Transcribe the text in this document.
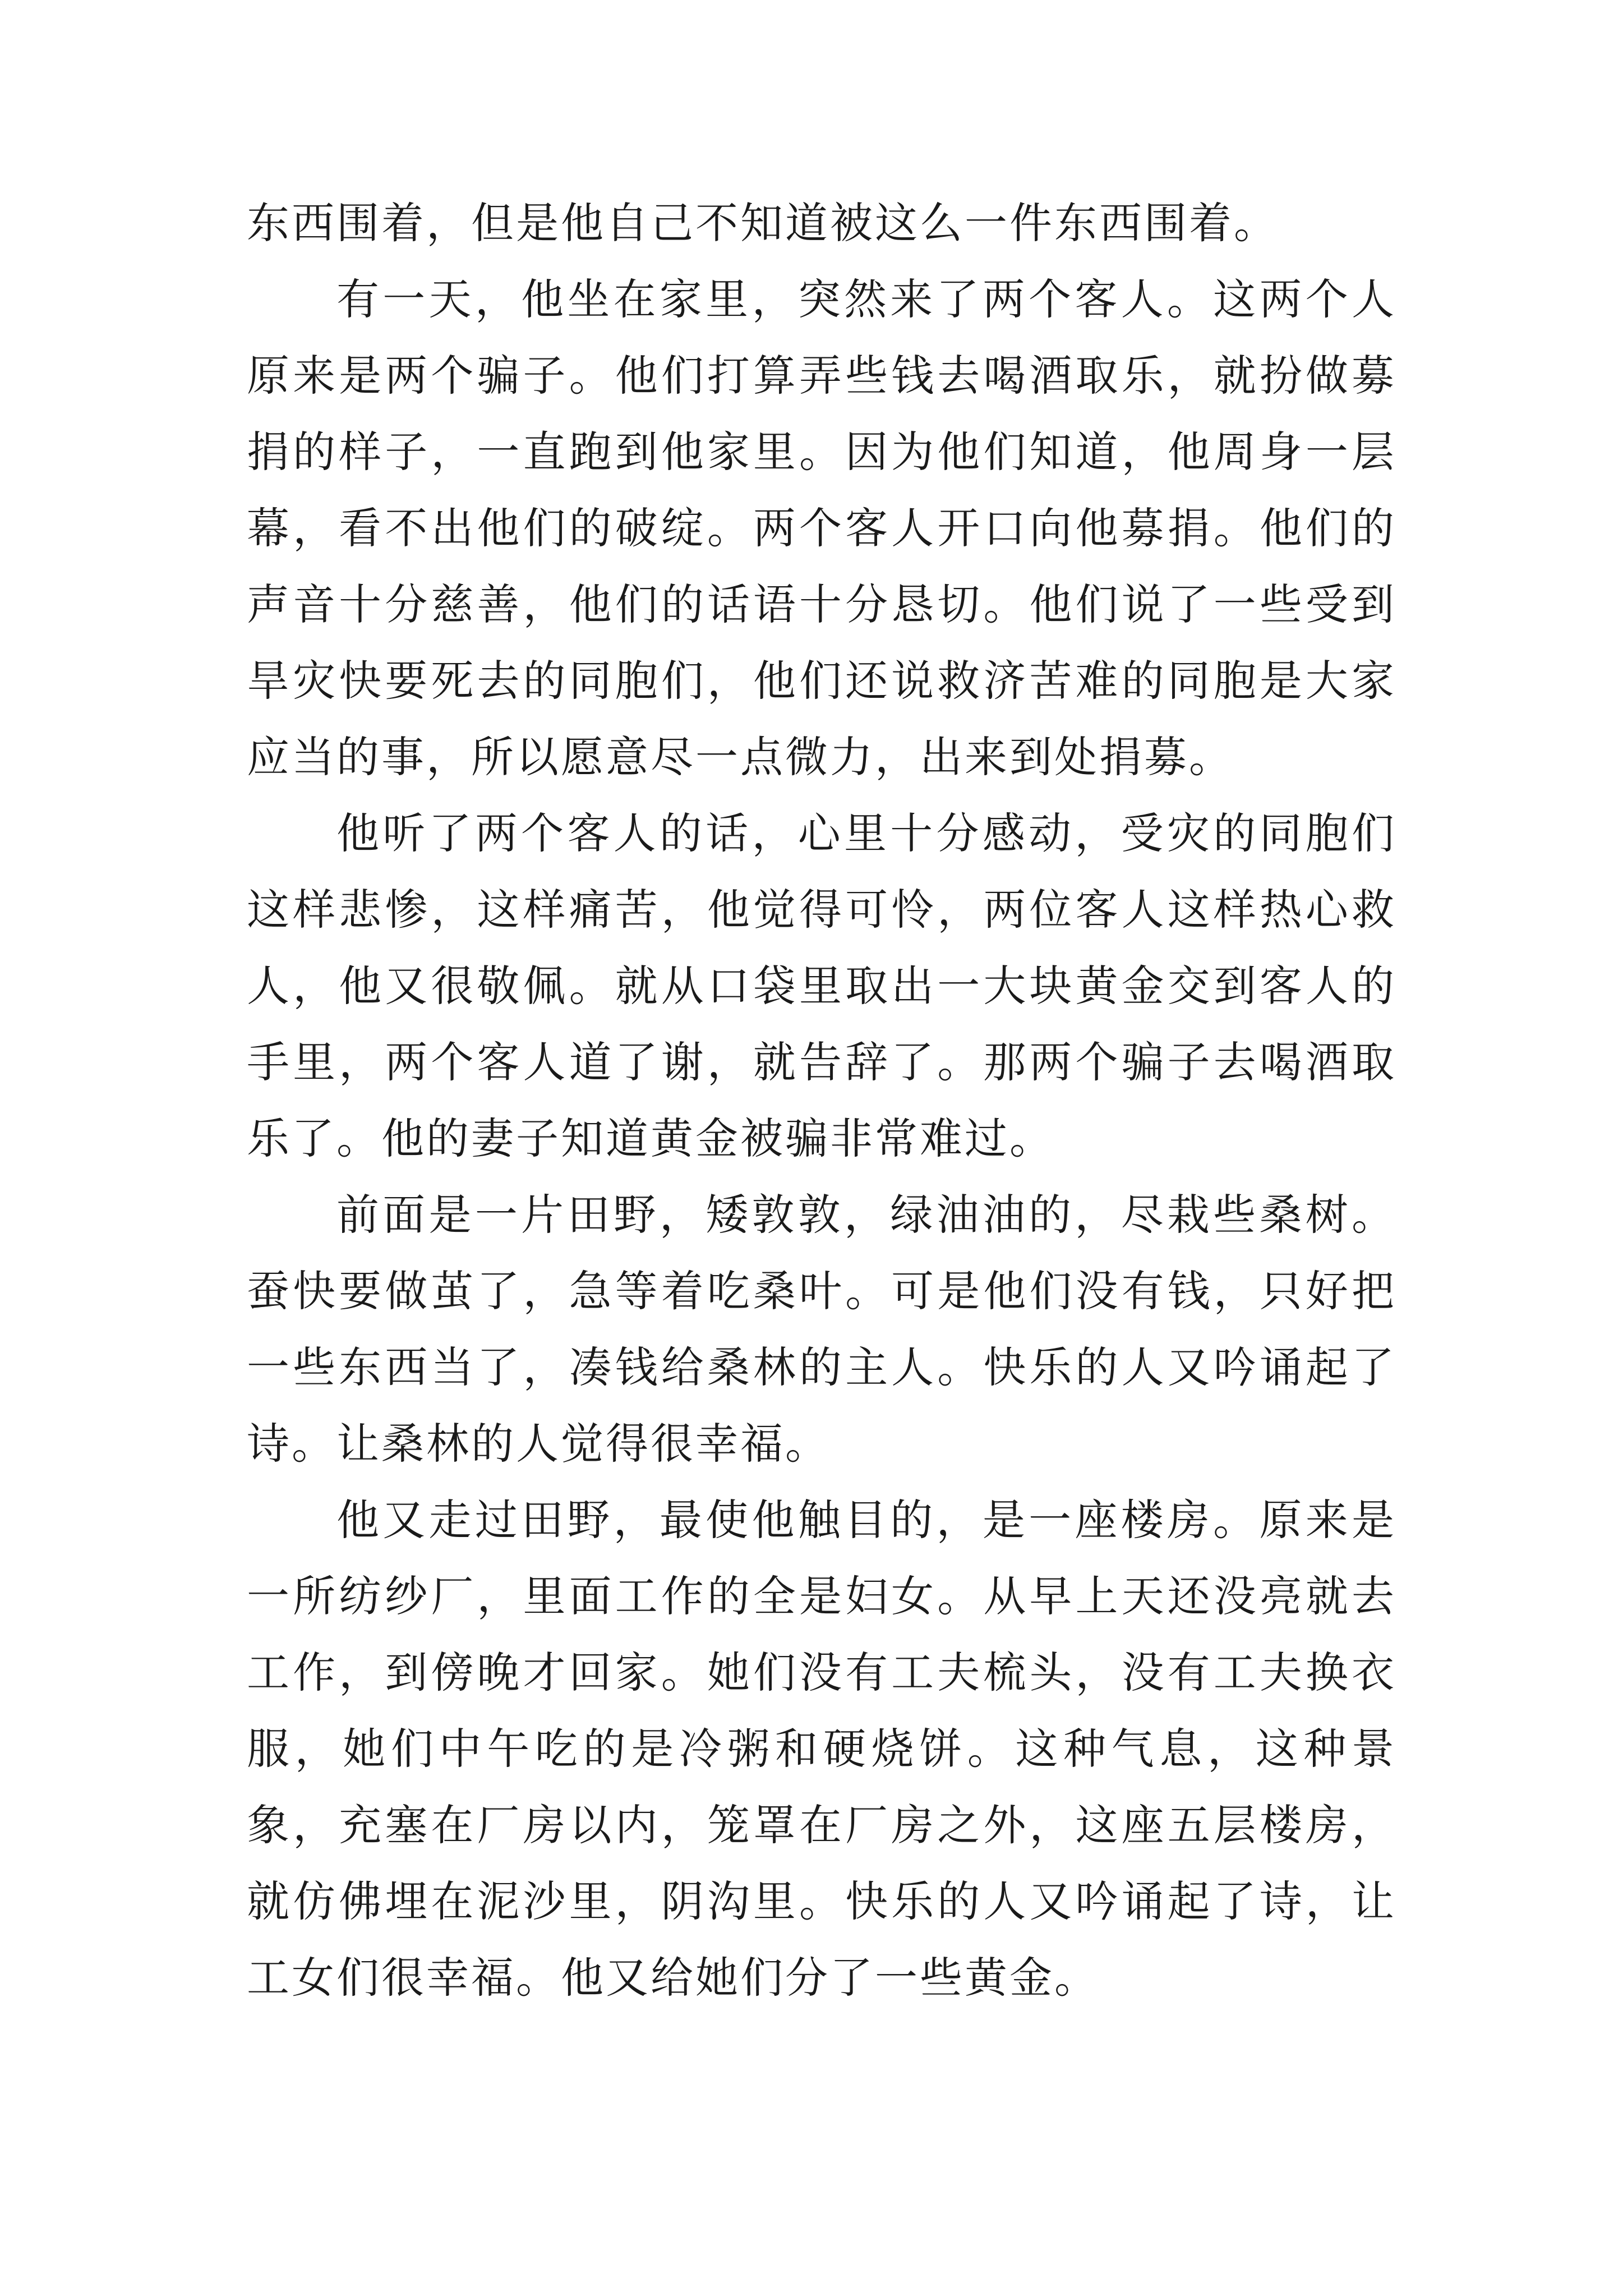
东西围着，但是他自己不知道被这么一件东西围着。

有一天，他坐在家里，突然来了两个客人。这两个人原来是两个骗子。他们打算弄些钱去喝酒取乐，就扮做募捐的样子，一直跑到他家里。因为他们知道，他周身一层幕，看不出他们的破绽。两个客人开口向他募捐。他们的声音十分慈善，他们的话语十分恳切。他们说了一些受到旱灾快要死去的同胞们，他们还说救济苦难的同胞是大家应当的事，所以愿意尽一点微力，出来到处捐募。

他听了两个客人的话，心里十分感动，受灾的同胞们这样悲惨，这样痛苦，他觉得可怜，两位客人这样热心救人，他又很敬佩。就从口袋里取出一大块黄金交到客人的手里，两个客人道了谢，就告辞了。那两个骗子去喝酒取乐了。他的妻子知道黄金被骗非常难过。

前面是一片田野，矮敦敦，绿油油的，尽栽些桑树。蚕快要做茧了，急等着吃桑叶。可是他们没有钱，只好把一些东西当了，凑钱给桑林的主人。快乐的人又吟诵起了诗。让桑林的人觉得很幸福。

他又走过田野，最使他触目的，是一座楼房。原来是一所纺纱厂，里面工作的全是妇女。从早上天还没亮就去工作，到傍晚才回家。她们没有工夫梳头，没有工夫换衣服，她们中午吃的是冷粥和硬烧饼。这种气息，这种景象，充塞在厂房以内，笼罩在厂房之外，这座五层楼房，就仿佛埋在泥沙里，阴沟里。快乐的人又吟诵起了诗，让工女们很幸福。他又给她们分了一些黄金。
